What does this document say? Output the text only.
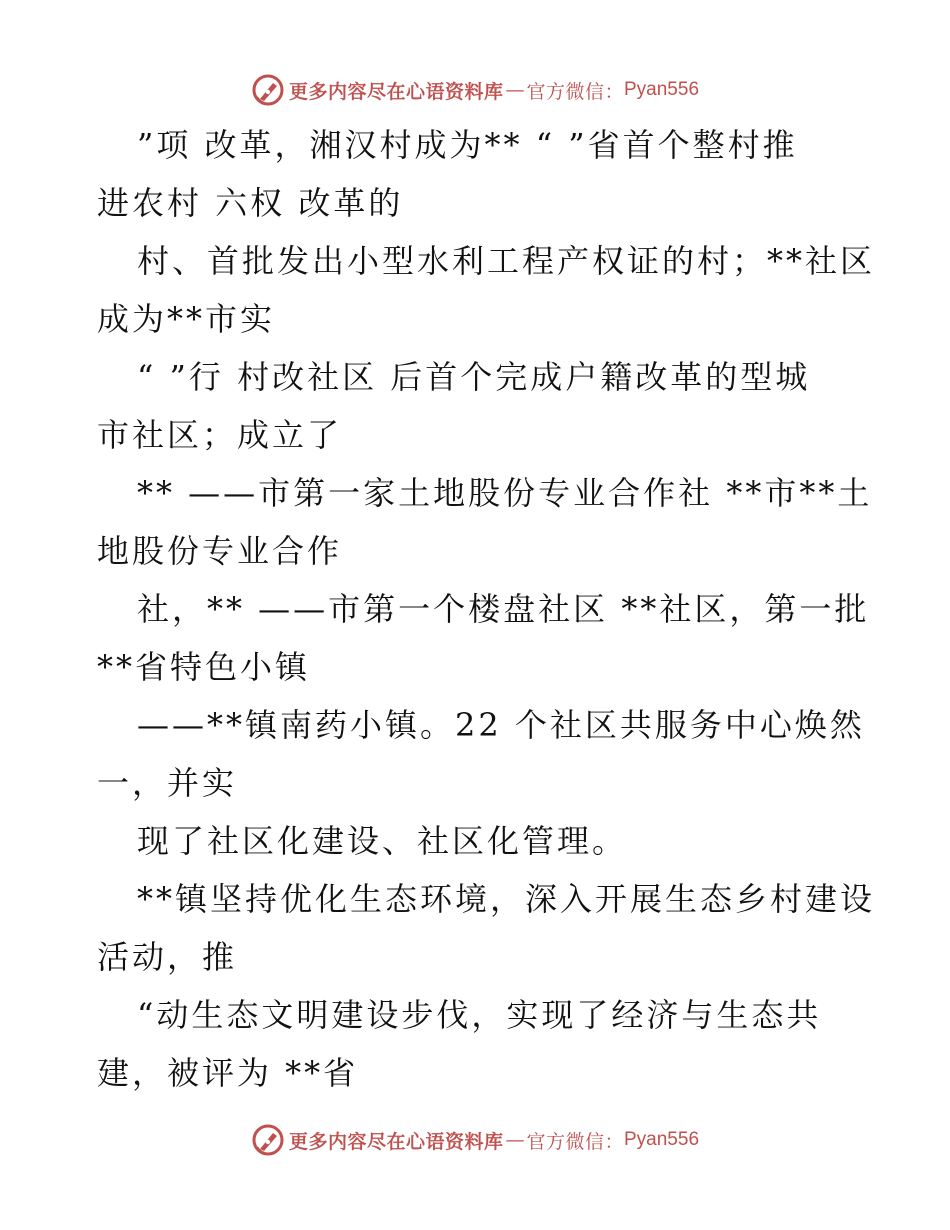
更多内容尽在心语资料库 — 官方微信： Pyan556
”项 改革，湘汉村成为** “ ”省首个整村推
进农村 六权 改革的
村、首批发出小型水利工程产权证的村；**社区
成为**市实
“ ”行 村改社区 后首个完成户籍改革的型城
市社区；成立了
** ——市第一家土地股份专业合作社 **市**土
地股份专业合作
社，** ——市第一个楼盘社区 **社区，第一批
**省特色小镇
——**镇南药小镇。22 个社区共服务中心焕然
一，并实
现了社区化建设、社区化管理。
**镇坚持优化生态环境，深入开展生态乡村建设
活动，推
“动生态文明建设步伐，实现了经济与生态共
建，被评为 **省
更多内容尽在心语资料库 — 官方微信： Pyan556
